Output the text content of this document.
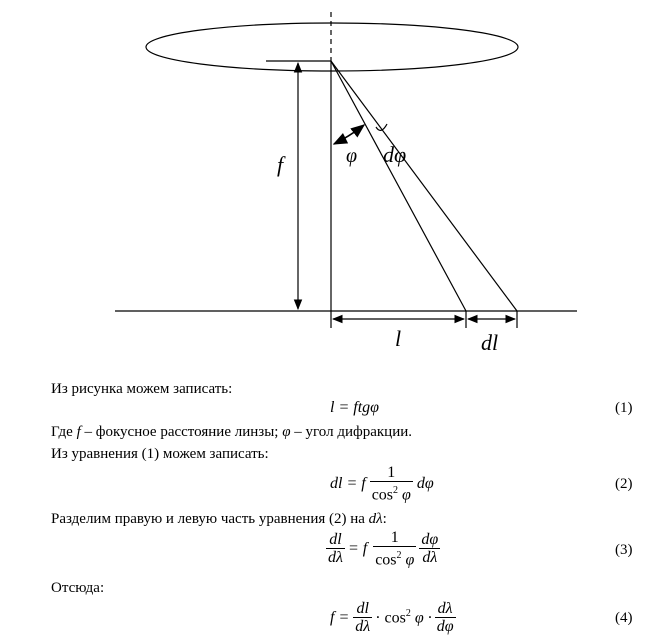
f	φ dφ
l	dl
Из рисунка можем записать:
l = ftgφ	(1)
Где f – фокусное расстояние линзы; φ – угол дифракции.
Из уравнения (1) можем записать:
dl = f $\frac{1}{\cos^2 \varphi}$ dφ	(2)
Разделим правую и левую часть уравнения (2) на dλ:
$\frac{dl}{d\lambda} = f \frac{1}{\cos^2 \varphi} \frac{d\varphi}{d\lambda}$	(3)
Отсюда:
$f = \frac{dl}{d\lambda} \cdot \cos^2 \varphi \cdot \frac{d\lambda}{d\varphi}$	(4)
